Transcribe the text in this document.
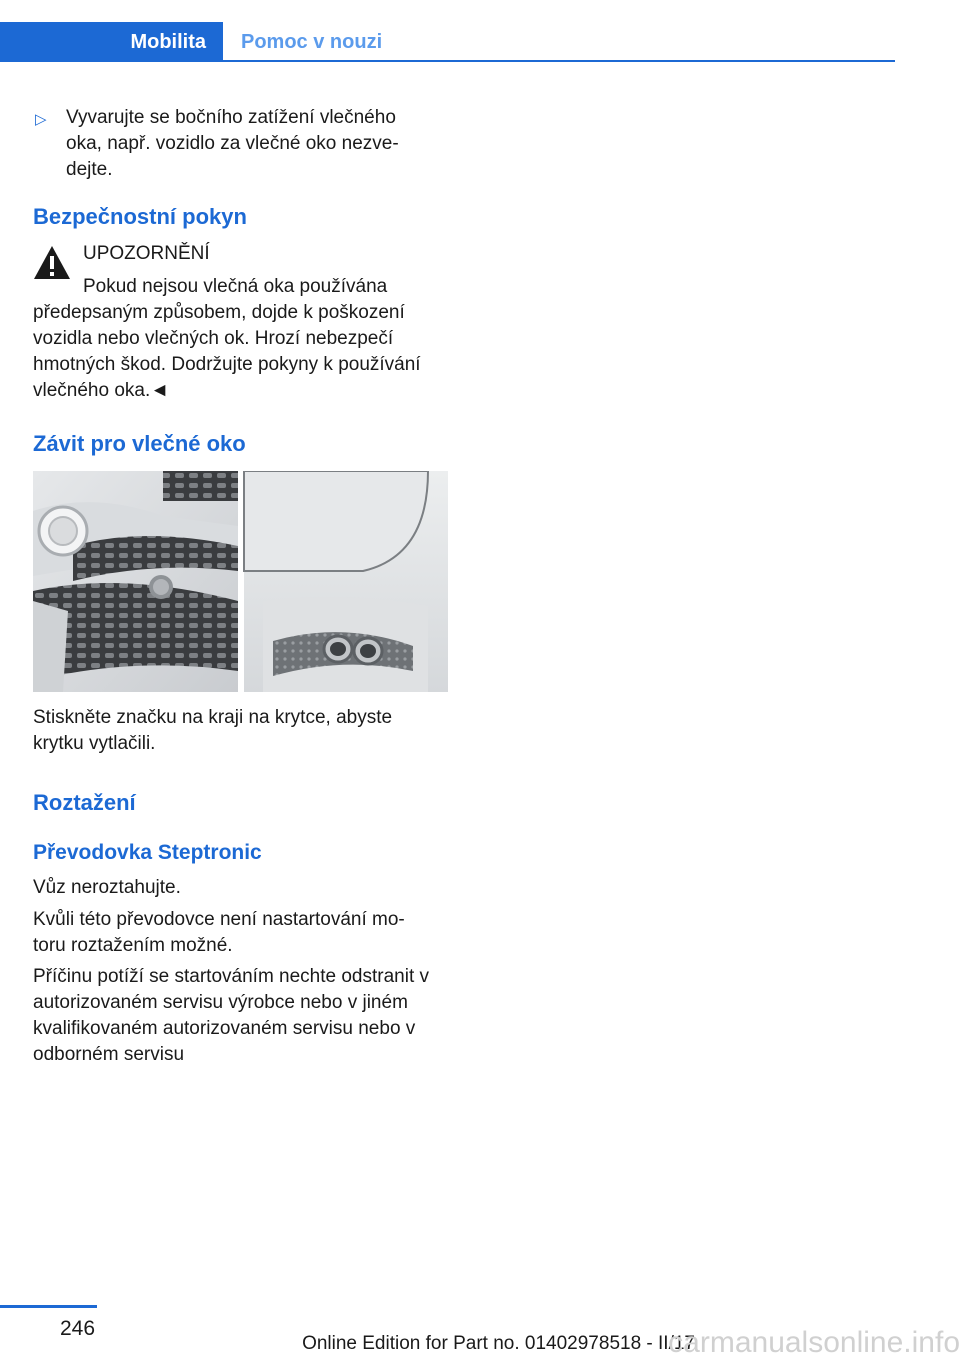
Mobilita	Pomoc v nouzi
▷ Vyvarujte se bočního zatížení vlečného
oka, např. vozidlo za vlečné oko nezve‐
dejte.
Bezpečnostní pokyn
UPOZORNĚNÍ
Pokud nejsou vlečná oka používána
předepsaným způsobem, dojde k poškození
vozidla nebo vlečných ok. Hrozí nebezpečí
hmotných škod. Dodržujte pokyny k používání
vlečného oka.◄
Závit pro vlečné oko
Stiskněte značku na kraji na krytce, abyste
krytku vytlačili.
Roztažení
Převodovka Steptronic
Vůz neroztahujte.
Kvůli této převodovce není nastartování mo‐
toru roztažením možné.
Příčinu potíží se startováním nechte odstranit v
autorizovaném servisu výrobce nebo v jiném
kvalifikovaném autorizovaném servisu nebo v
odborném servisu
246
Online Edition for Part no. 01402978518 - II/17
carmanualsonline.info
